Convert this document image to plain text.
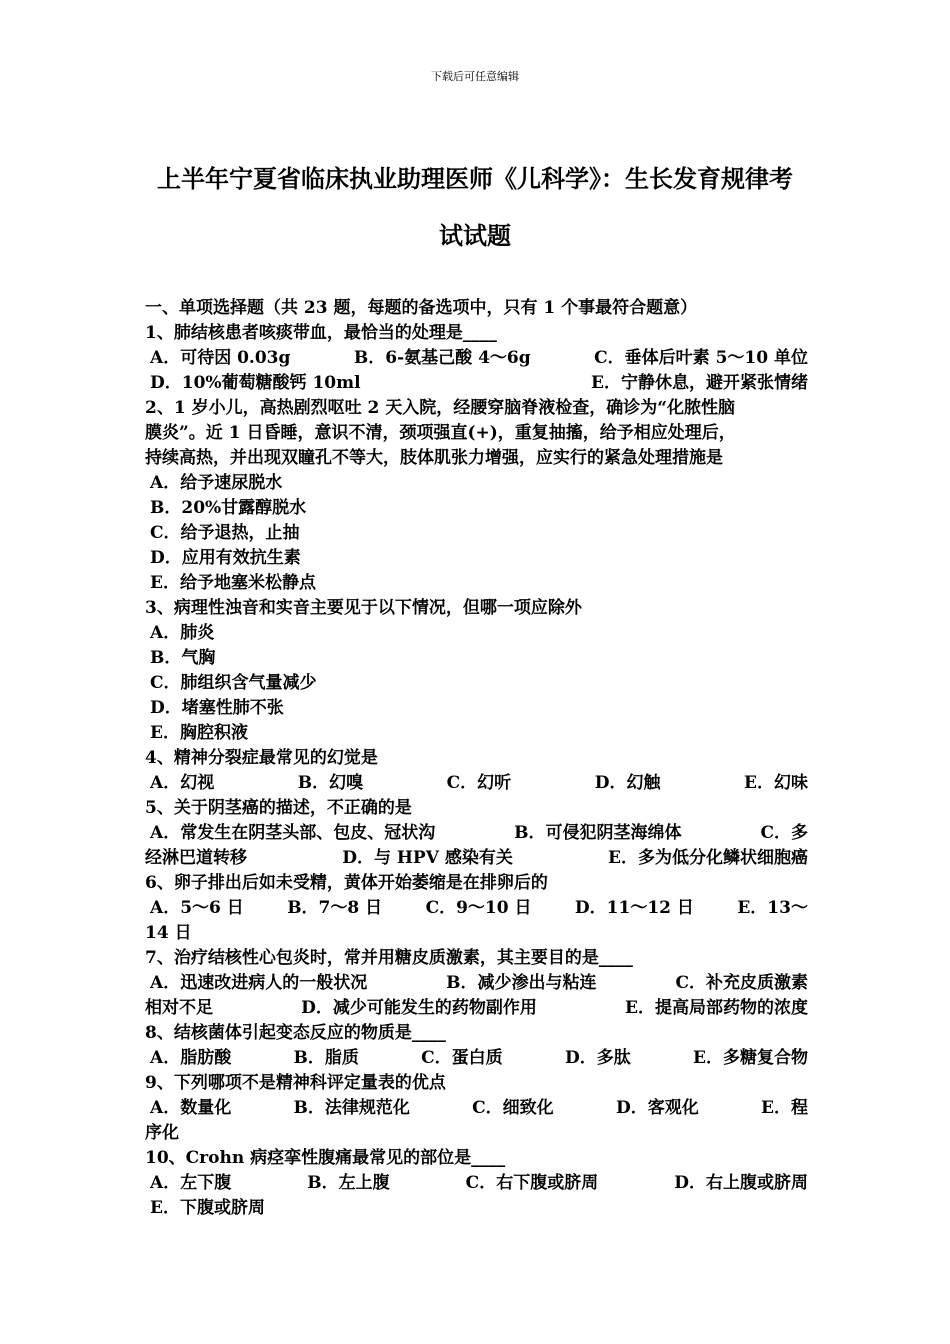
下载后可任意编辑
上半年宁夏省临床执业助理医师《儿科学》：生长发育规律考试试题
一、单项选择题（共 23 题，每题的备选项中，只有 1 个事最符合题意）
1、肺结核患者咳痰带血，最恰当的处理是____
A．可待因 0.03g	B．6-氨基己酸 4～6g	C．垂体后叶素 5～10 单位
D．10%葡萄糖酸钙 10ml	E．宁静休息，避开紧张情绪
2、1 岁小儿，高热剧烈呕吐 2 天入院，经腰穿脑脊液检查，确诊为“化脓性脑
膜炎”。近 1 日昏睡，意识不清，颈项强直(+)，重复抽搐，给予相应处理后，
持续高热，并出现双瞳孔不等大，肢体肌张力增强，应实行的紧急处理措施是
A．给予速尿脱水
B．20%甘露醇脱水
C．给予退热，止抽
D．应用有效抗生素
E．给予地塞米松静点
3、病理性浊音和实音主要见于以下情况，但哪一项应除外
A．肺炎
B．气胸
C．肺组织含气量减少
D．堵塞性肺不张
E．胸腔积液
4、精神分裂症最常见的幻觉是
A．幻视	B．幻嗅	C．幻听	D．幻触	E．幻味
5、关于阴茎癌的描述，不正确的是
A．常发生在阴茎头部、包皮、冠状沟	B．可侵犯阴茎海绵体	C．多
经淋巴道转移	D．与 HPV 感染有关	E．多为低分化鳞状细胞癌
6、卵子排出后如未受精，黄体开始萎缩是在排卵后的
A．5～6 日	B．7～8 日	C．9～10 日	D．11～12 日	E．13～
14 日
7、治疗结核性心包炎时，常并用糖皮质激素，其主要目的是____
A．迅速改进病人的一般状况	B．减少渗出与粘连	C．补充皮质激素
相对不足	D．减少可能发生的药物副作用	E．提高局部药物的浓度
8、结核菌体引起变态反应的物质是____
A．脂肪酸	B．脂质	C．蛋白质	D．多肽	E．多糖复合物
9、下列哪项不是精神科评定量表的优点
A．数量化	B．法律规范化	C．细致化	D．客观化	E．程
序化
10、Crohn 病痉挛性腹痛最常见的部位是____
A．左下腹	B．左上腹	C．右下腹或脐周	D．右上腹或脐周
E．下腹或脐周
